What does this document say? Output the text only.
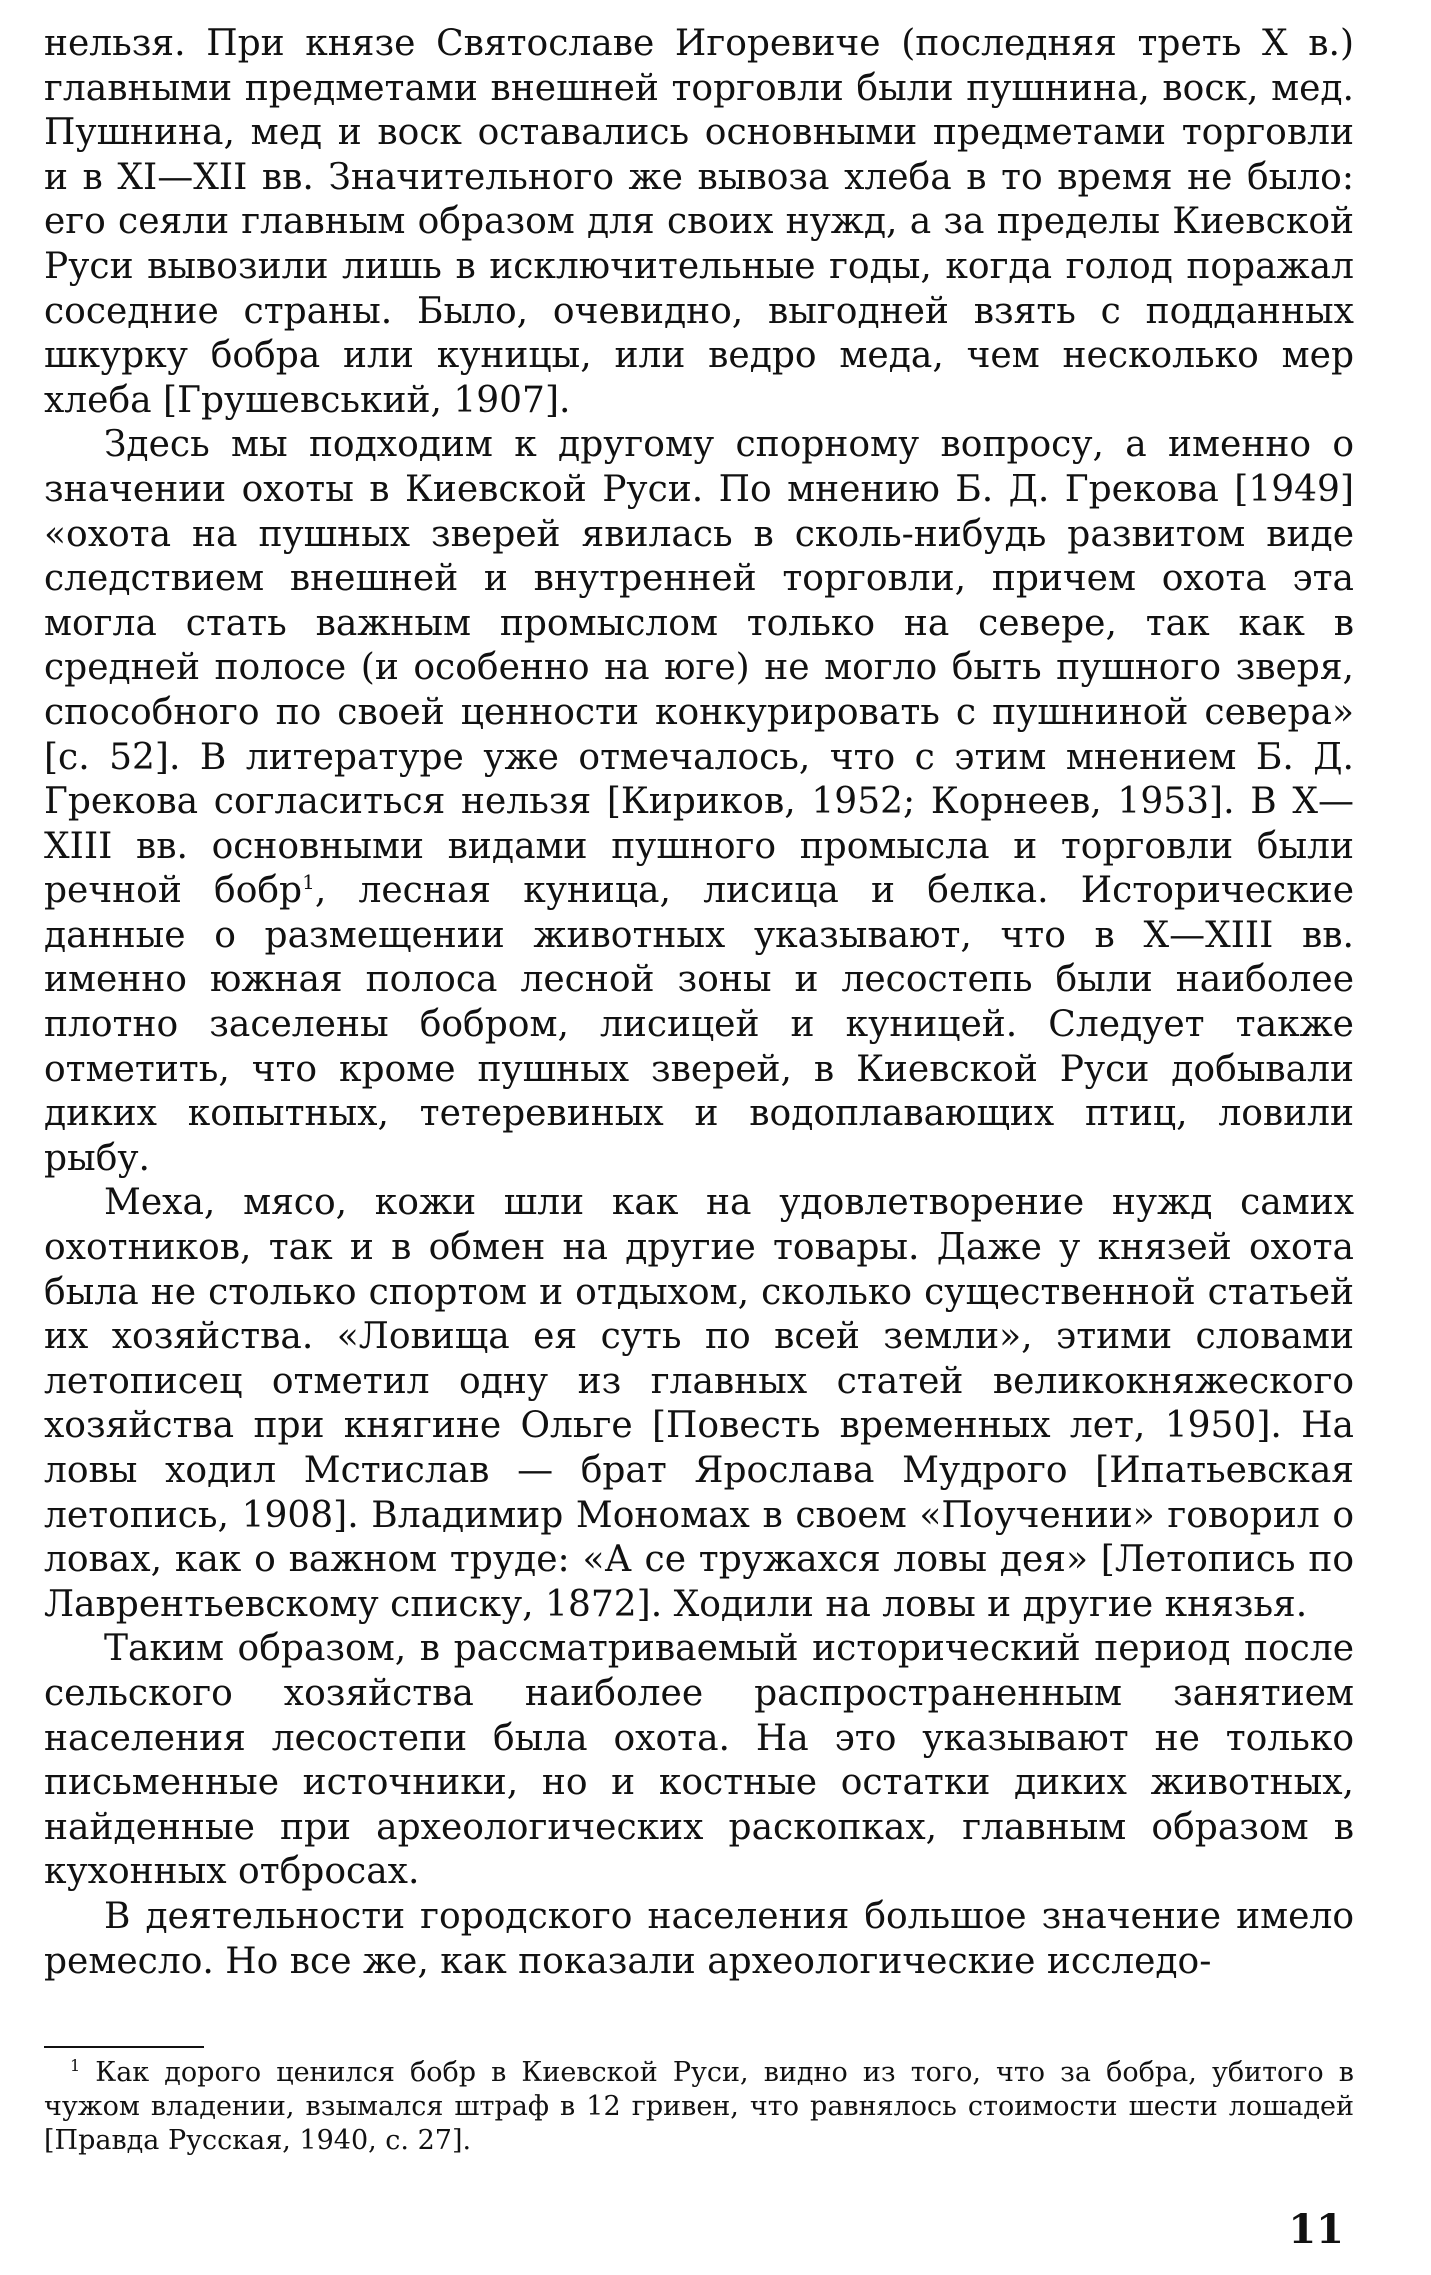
нельзя. При князе Святославе Игоревиче (последняя треть X в.) главными предметами внешней торговли были пушнина, воск, мед. Пушнина, мед и воск оставались основными предметами торговли и в XI—XII вв. Значительного же вывоза хлеба в то время не было: его сеяли главным образом для своих нужд, а за пределы Киевской Руси вывозили лишь в исключительные годы, когда голод поражал соседние страны. Было, очевидно, выгодней взять с подданных шкурку бобра или куницы, или ведро меда, чем несколько мер хлеба [Грушевський, 1907].

Здесь мы подходим к другому спорному вопросу, а именно о значении охоты в Киевской Руси. По мнению Б. Д. Грекова [1949] «охота на пушных зверей явилась в сколь-нибудь развитом виде следствием внешней и внутренней торговли, причем охота эта могла стать важным промыслом только на севере, так как в средней полосе (и особенно на юге) не могло быть пушного зверя, способного по своей ценности конкурировать с пушниной севера» [с. 52]. В литературе уже отмечалось, что с этим мнением Б. Д. Грекова согласиться нельзя [Кириков, 1952; Корнеев, 1953]. В X—XIII вв. основными видами пушного промысла и торговли были речной бобр$^1$, лесная куница, лисица и белка. Исторические данные о размещении животных указывают, что в X—XIII вв. именно южная полоса лесной зоны и лесостепь были наиболее плотно заселены бобром, лисицей и куницей. Следует также отметить, что кроме пушных зверей, в Киевской Руси добывали диких копытных, тетеревиных и водоплавающих птиц, ловили рыбу.

Меха, мясо, кожи шли как на удовлетворение нужд самих охотников, так и в обмен на другие товары. Даже у князей охота была не столько спортом и отдыхом, сколько существенной статьей их хозяйства. «Ловища ея суть по всей земли», этими словами летописец отметил одну из главных статей великокняжеского хозяйства при княгине Ольге [Повесть временных лет, 1950]. На ловы ходил Мстислав — брат Ярослава Мудрого [Ипатьевская летопись, 1908]. Владимир Мономах в своем «Поучении» говорил о ловах, как о важном труде: «А се тружахся ловы дея» [Летопись по Лаврентьевскому списку, 1872]. Ходили на ловы и другие князья.

Таким образом, в рассматриваемый исторический период после сельского хозяйства наиболее распространенным занятием населения лесостепи была охота. На это указывают не только письменные источники, но и костные остатки диких животных, найденные при археологических раскопках, главным образом в кухонных отбросах.

В деятельности городского населения большое значение имело ремесло. Но все же, как показали археологические исследо-

$^1$ Как дорого ценился бобр в Киевской Руси, видно из того, что за бобра, убитого в чужом владении, взымался штраф в 12 гривен, что равнялось стоимости шести лошадей [Правда Русская, 1940, с. 27].

11
